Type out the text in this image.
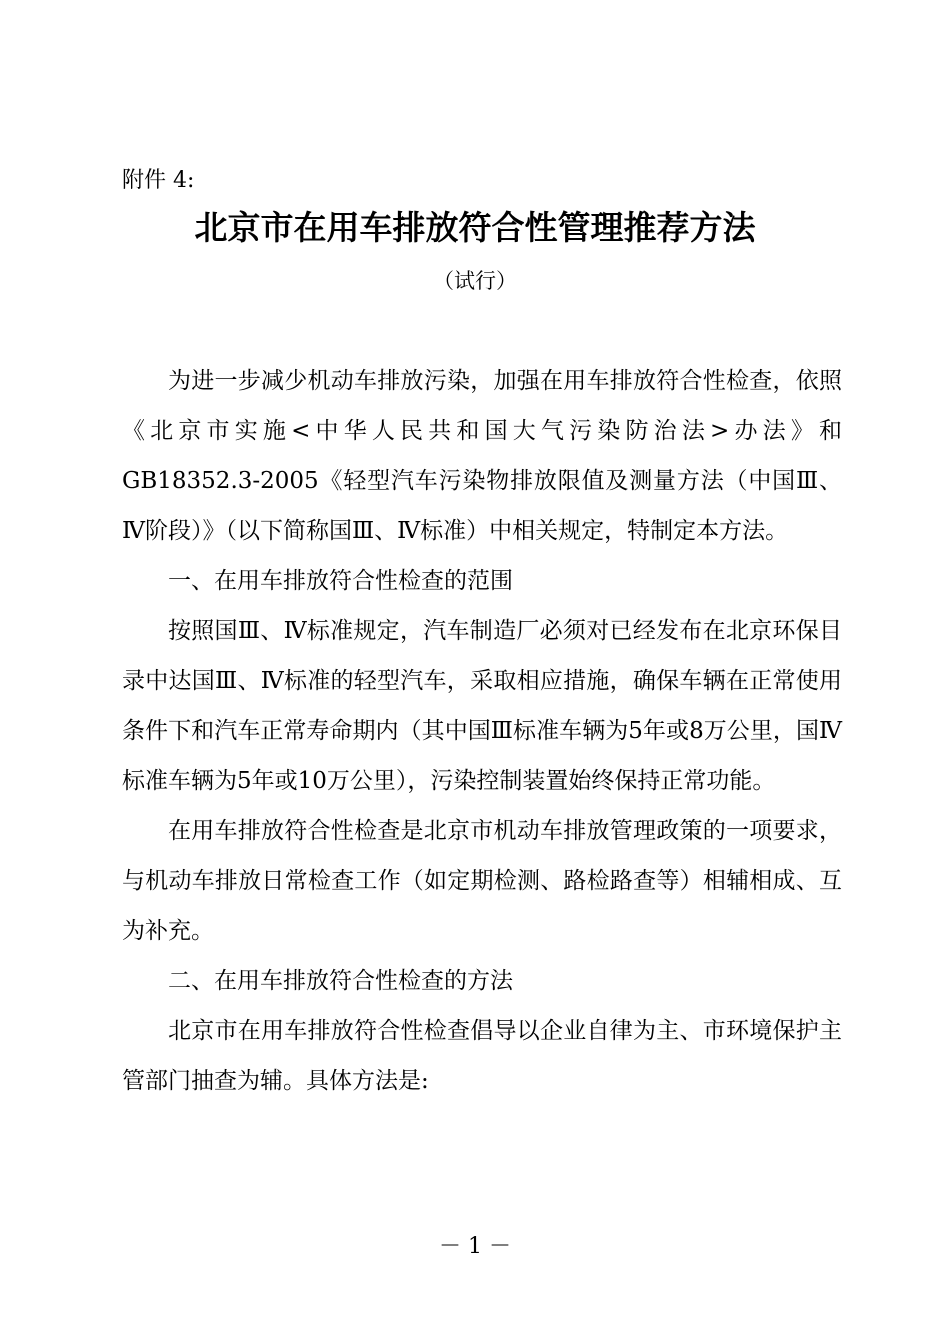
附件 4:
北京市在用车排放符合性管理推荐方法
（试行）

为进一步减少机动车排放污染，加强在用车排放符合性检查，依照《北京市实施<中华人民共和国大气污染防治法>办法》和GB18352.3-2005《轻型汽车污染物排放限值及测量方法（中国Ⅲ、Ⅳ阶段）》（以下简称国Ⅲ、Ⅳ标准）中相关规定，特制定本方法。

一、在用车排放符合性检查的范围

按照国Ⅲ、Ⅳ标准规定，汽车制造厂必须对已经发布在北京环保目录中达国Ⅲ、Ⅳ标准的轻型汽车，采取相应措施，确保车辆在正常使用条件下和汽车正常寿命期内（其中国Ⅲ标准车辆为5年或8万公里，国Ⅳ标准车辆为5年或10万公里），污染控制装置始终保持正常功能。

在用车排放符合性检查是北京市机动车排放管理政策的一项要求，与机动车排放日常检查工作（如定期检测、路检路查等）相辅相成、互为补充。

二、在用车排放符合性检查的方法

北京市在用车排放符合性检查倡导以企业自律为主、市环境保护主管部门抽查为辅。具体方法是:

－ 1 －
